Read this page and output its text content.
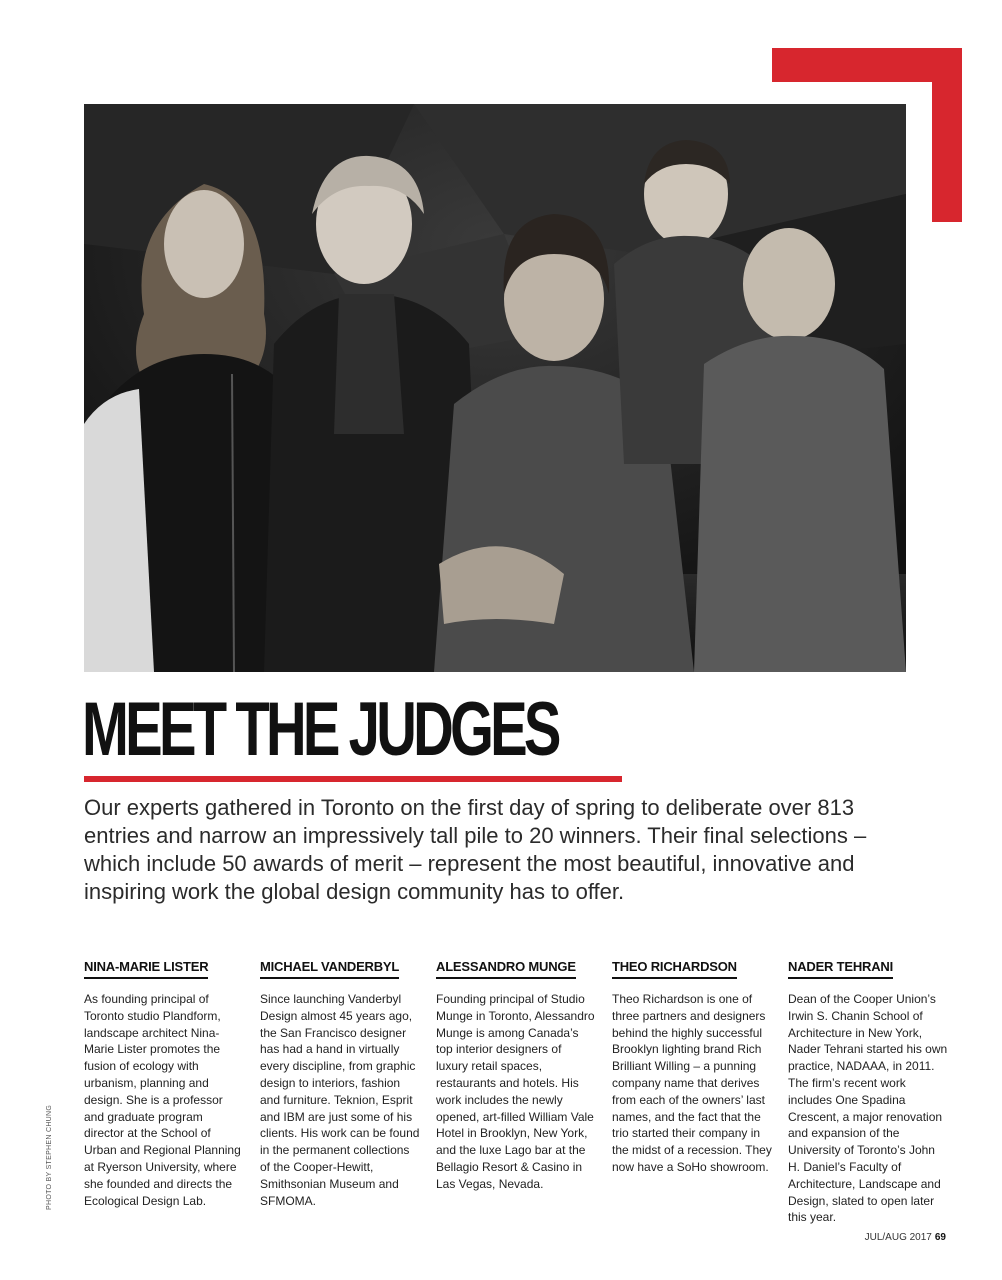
MEET THE JUDGES

Our experts gathered in Toronto on the first day of spring to deliberate over 813 entries and narrow an impressively tall pile to 20 winners. Their final selections – which include 50 awards of merit – represent the most beautiful, innovative and inspiring work the global design community has to offer.

NINA-MARIE LISTER

As founding principal of Toronto studio Plandform, landscape architect Nina-Marie Lister promotes the fusion of ecology with urbanism, planning and design. She is a professor and graduate program director at the School of Urban and Regional Planning at Ryerson University, where she founded and directs the Ecological Design Lab.

MICHAEL VANDERBYL

Since launching Vanderbyl Design almost 45 years ago, the San Francisco designer has had a hand in virtually every discipline, from graphic design to interiors, fashion and furniture. Teknion, Esprit and IBM are just some of his clients. His work can be found in the permanent collections of the Cooper-Hewitt, Smithsonian Museum and SFMOMA.

ALESSANDRO MUNGE

Founding principal of Studio Munge in Toronto, Alessandro Munge is among Canada’s top interior designers of luxury retail spaces, restaurants and hotels. His work includes the newly opened, art-filled William Vale Hotel in Brooklyn, New York, and the luxe Lago bar at the Bellagio Resort & Casino in Las Vegas, Nevada.

THEO RICHARDSON

Theo Richardson is one of three partners and designers behind the highly successful Brooklyn lighting brand Rich Brilliant Willing – a punning company name that derives from each of the owners’ last names, and the fact that the trio started their company in the midst of a recession. They now have a SoHo showroom.

NADER TEHRANI

Dean of the Cooper Union’s Irwin S. Chanin School of Architecture in New York, Nader Tehrani started his own practice, NADAAA, in 2011. The firm’s recent work includes One Spadina Crescent, a major renovation and expansion of the University of Toronto’s John H. Daniel’s Faculty of Architecture, Landscape and Design, slated to open later this year.

PHOTO BY STEPHEN CHUNG
JUL/AUG 2017 69
